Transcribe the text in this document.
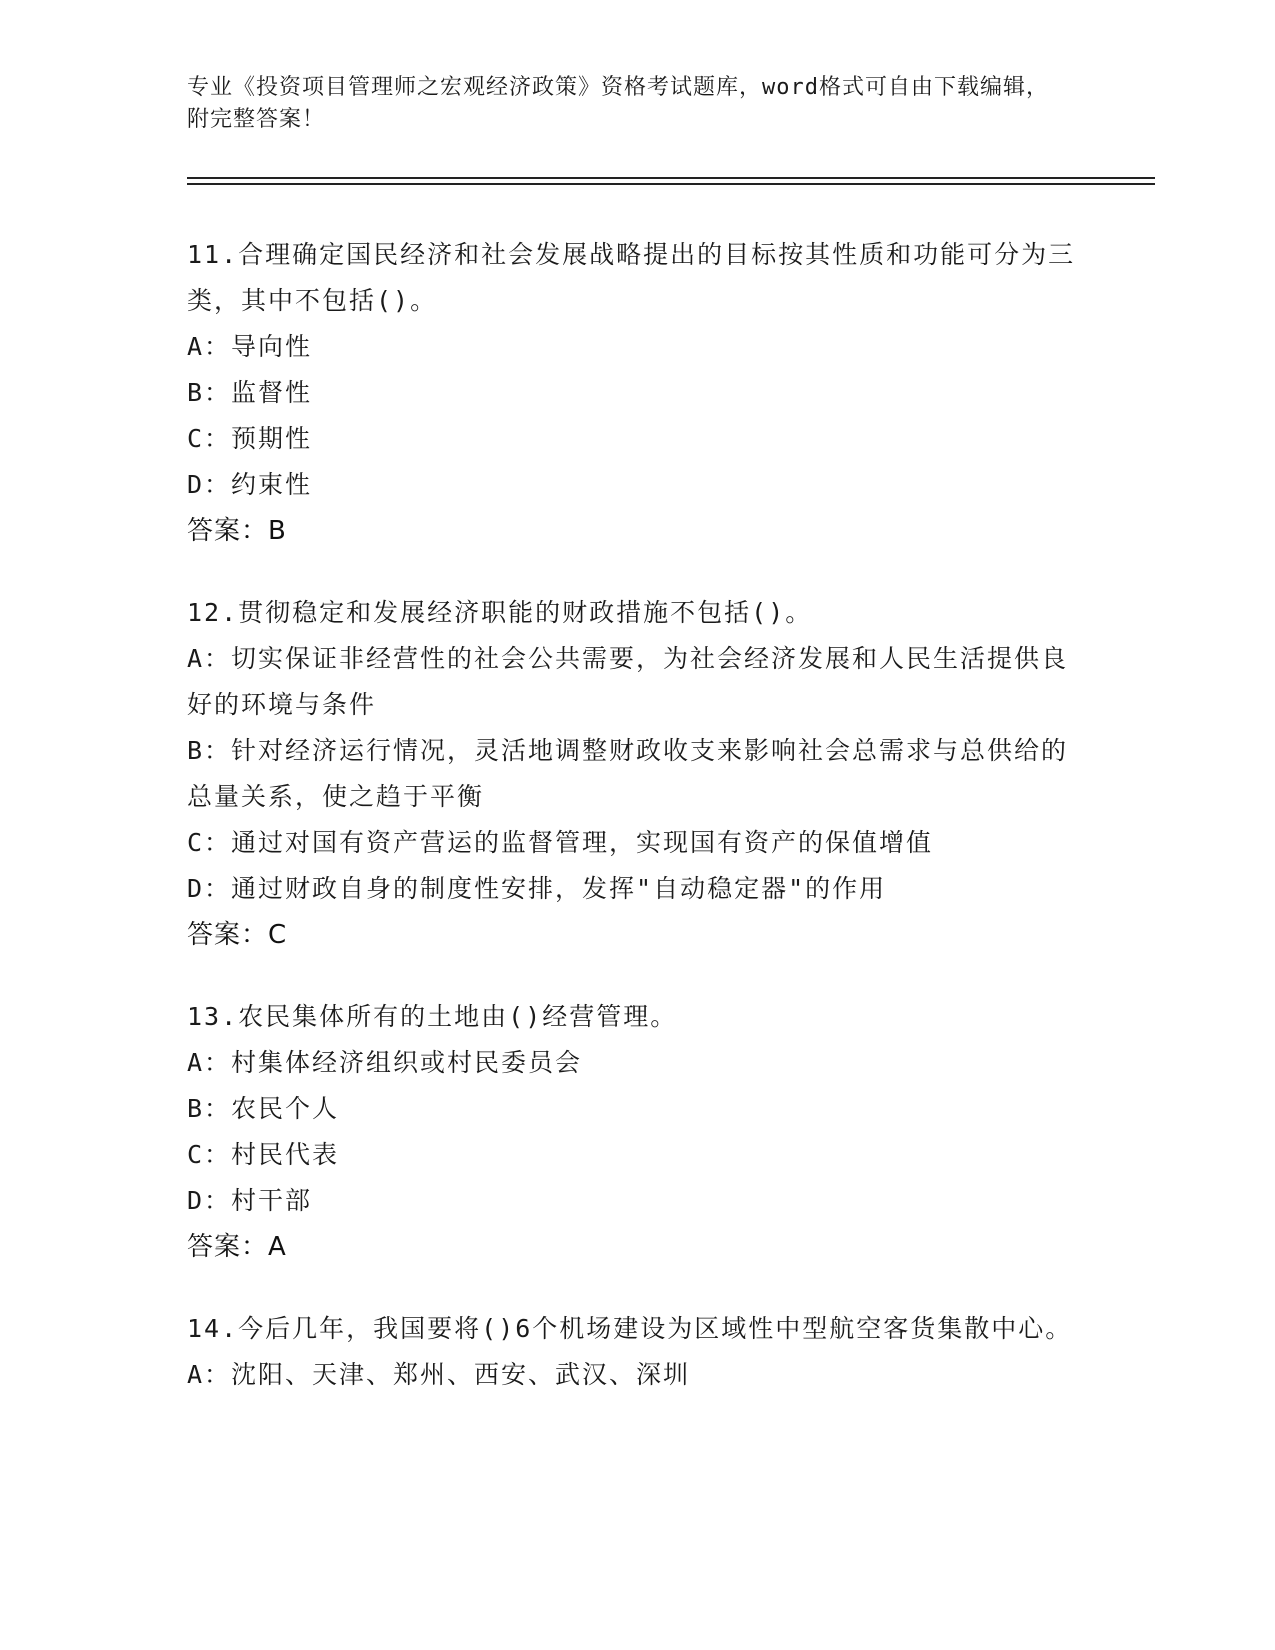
专业《投资项目管理师之宏观经济政策》资格考试题库，word格式可自由下载编辑，附完整答案！
11.合理确定国民经济和社会发展战略提出的目标按其性质和功能可分为三类，其中不包括()。
A：导向性
B：监督性
C：预期性
D：约束性
答案：B
12.贯彻稳定和发展经济职能的财政措施不包括()。
A：切实保证非经营性的社会公共需要，为社会经济发展和人民生活提供良好的环境与条件
B：针对经济运行情况，灵活地调整财政收支来影响社会总需求与总供给的总量关系，使之趋于平衡
C：通过对国有资产营运的监督管理，实现国有资产的保值增值
D：通过财政自身的制度性安排，发挥"自动稳定器"的作用
答案：C
13.农民集体所有的土地由()经营管理。
A：村集体经济组织或村民委员会
B：农民个人
C：村民代表
D：村干部
答案：A
14.今后几年，我国要将()6个机场建设为区域性中型航空客货集散中心。
A：沈阳、天津、郑州、西安、武汉、深圳
